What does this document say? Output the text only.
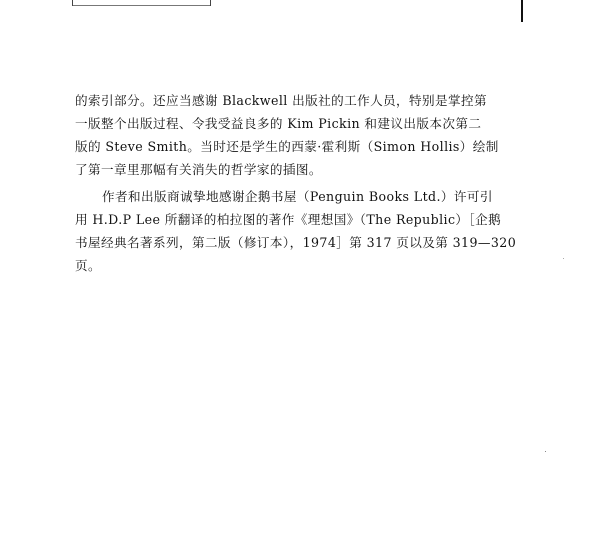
的索引部分。还应当感谢 Blackwell 出版社的工作人员，特别是掌控第
一版整个出版过程、令我受益良多的 Kim Pickin 和建议出版本次第二
版的 Steve Smith。当时还是学生的西蒙·霍利斯（Simon Hollis）绘制
了第一章里那幅有关消失的哲学家的插图。
作者和出版商诚挚地感谢企鹅书屋（Penguin Books Ltd.）许可引
用 H.D.P Lee 所翻译的柏拉图的著作《理想国》（The Republic）［企鹅
书屋经典名著系列，第二版（修订本），1974］第 317 页以及第 319—320
页。
